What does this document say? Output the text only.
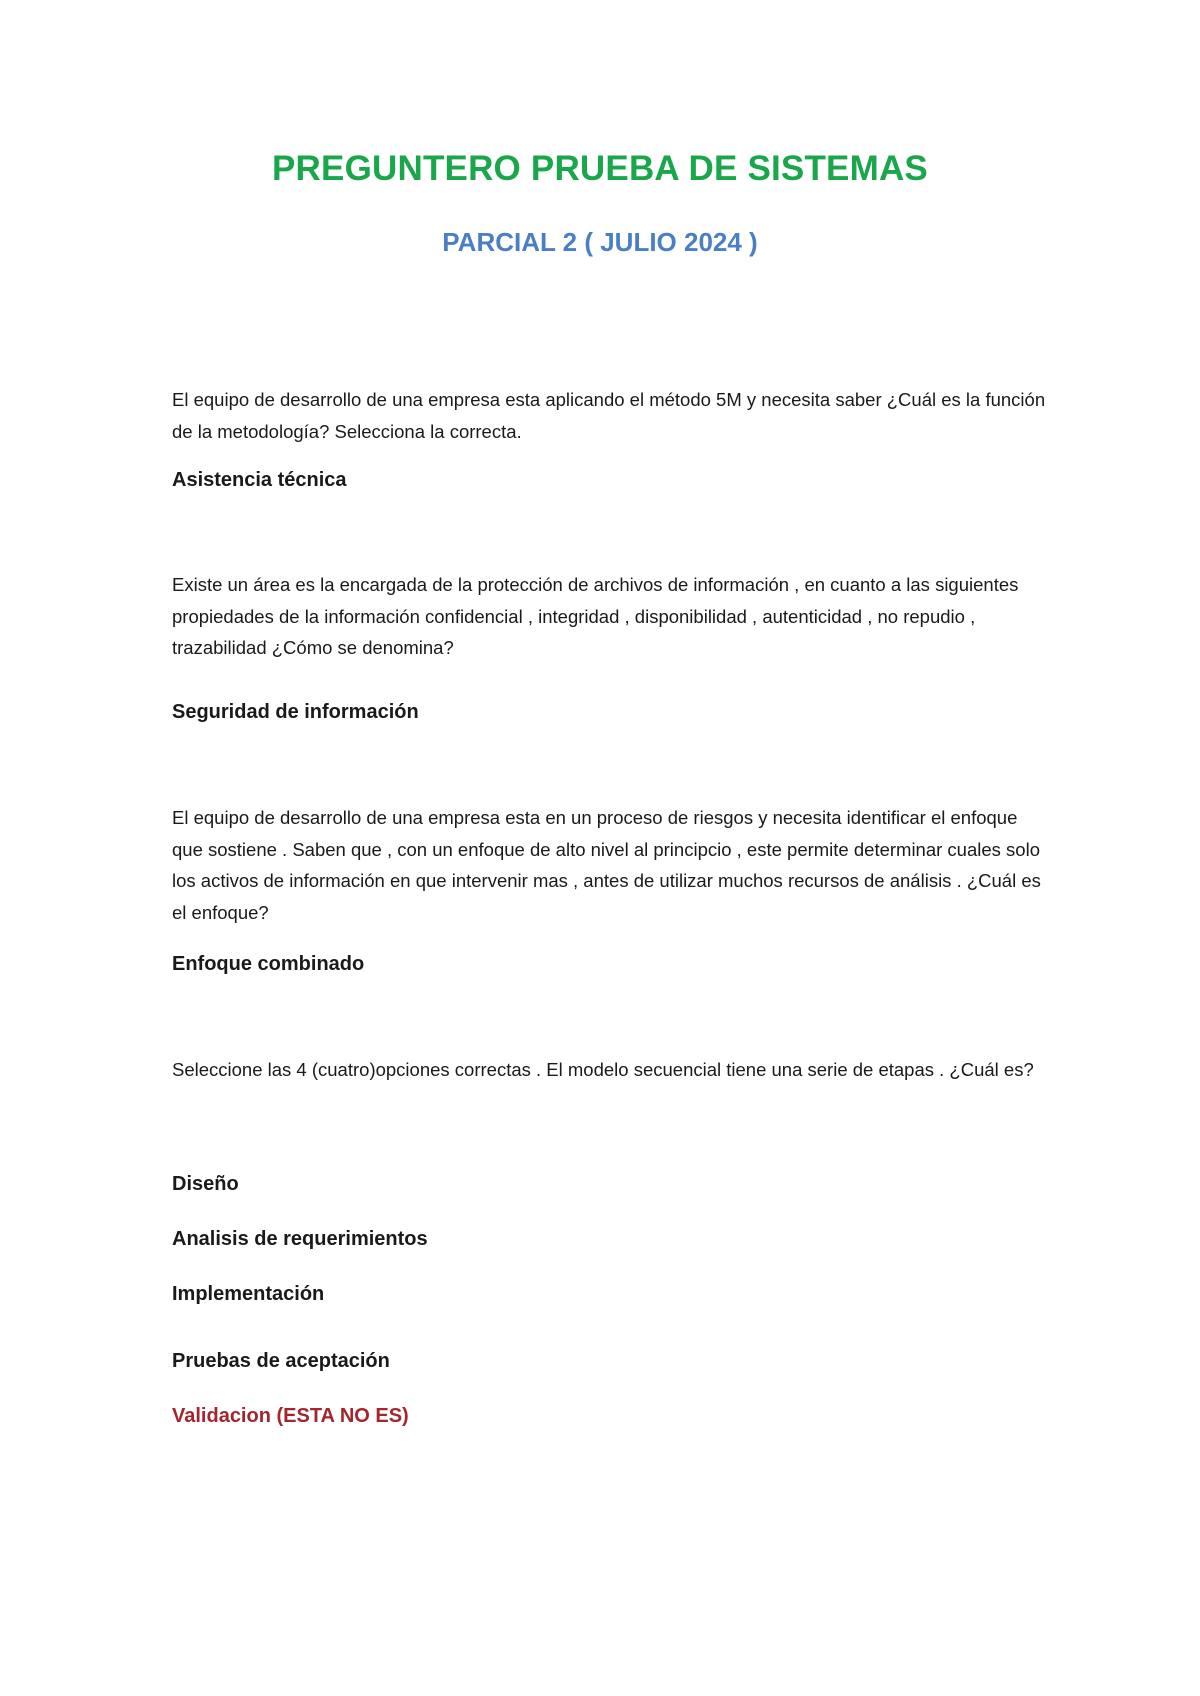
PREGUNTERO PRUEBA DE SISTEMAS
PARCIAL 2 ( JULIO 2024 )

El equipo de desarrollo de una empresa esta aplicando el método 5M y necesita saber ¿Cuál es la función de la metodología? Selecciona la correcta.

Asistencia técnica

Existe un área es la encargada de la protección de archivos de información , en cuanto a las siguientes propiedades de la información confidencial , integridad , disponibilidad , autenticidad , no repudio , trazabilidad ¿Cómo se denomina?

Seguridad de información

El equipo de desarrollo de una empresa esta en un proceso de riesgos y necesita identificar el enfoque que sostiene . Saben que , con un enfoque de alto nivel al principcio , este permite determinar cuales solo los activos de información en que intervenir mas , antes de utilizar muchos recursos de análisis . ¿Cuál es el enfoque?

Enfoque combinado

Seleccione las 4 (cuatro)opciones correctas . El modelo secuencial tiene una serie de etapas . ¿Cuál es?

Diseño

Analisis de requerimientos

Implementación

Pruebas de aceptación

Validacion (ESTA NO ES)
